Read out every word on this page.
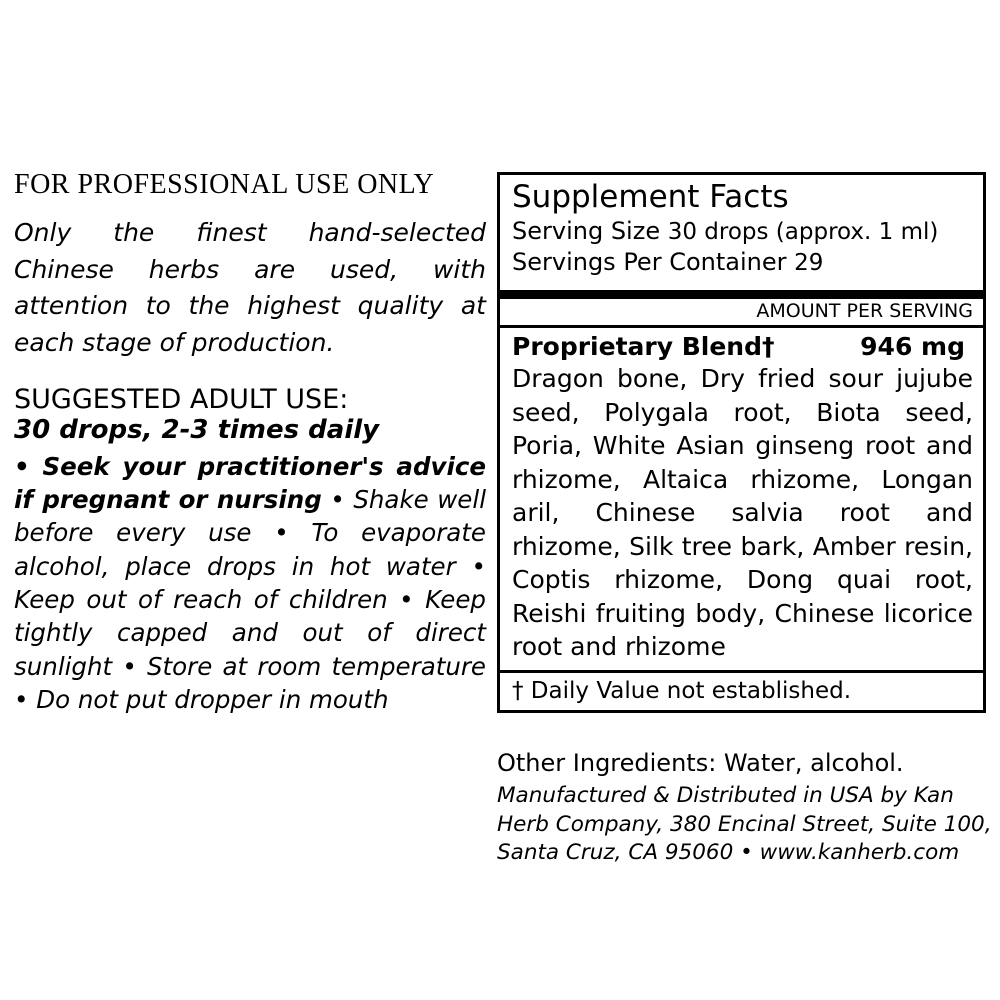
FOR PROFESSIONAL USE ONLY
Only the finest hand-selected Chinese herbs are used, with attention to the highest quality at each stage of production.
SUGGESTED ADULT USE:
30 drops, 2-3 times daily
• Seek your practitioner's advice if pregnant or nursing • Shake well before every use • To evaporate alcohol, place drops in hot water • Keep out of reach of children • Keep tightly capped and out of direct sunlight • Store at room temperature • Do not put dropper in mouth
Supplement Facts
Serving Size 30 drops (approx. 1 ml)
Servings Per Container 29
AMOUNT PER SERVING
Proprietary Blend†	946 mg
Dragon bone, Dry fried sour jujube seed, Polygala root, Biota seed, Poria, White Asian ginseng root and rhizome, Altaica rhizome, Longan aril, Chinese salvia root and rhizome, Silk tree bark, Amber resin, Coptis rhizome, Dong quai root, Reishi fruiting body, Chinese licorice root and rhizome
† Daily Value not established.
Other Ingredients: Water, alcohol.
Manufactured & Distributed in USA by Kan
Herb Company, 380 Encinal Street, Suite 100,
Santa Cruz, CA 95060 • www.kanherb.com
